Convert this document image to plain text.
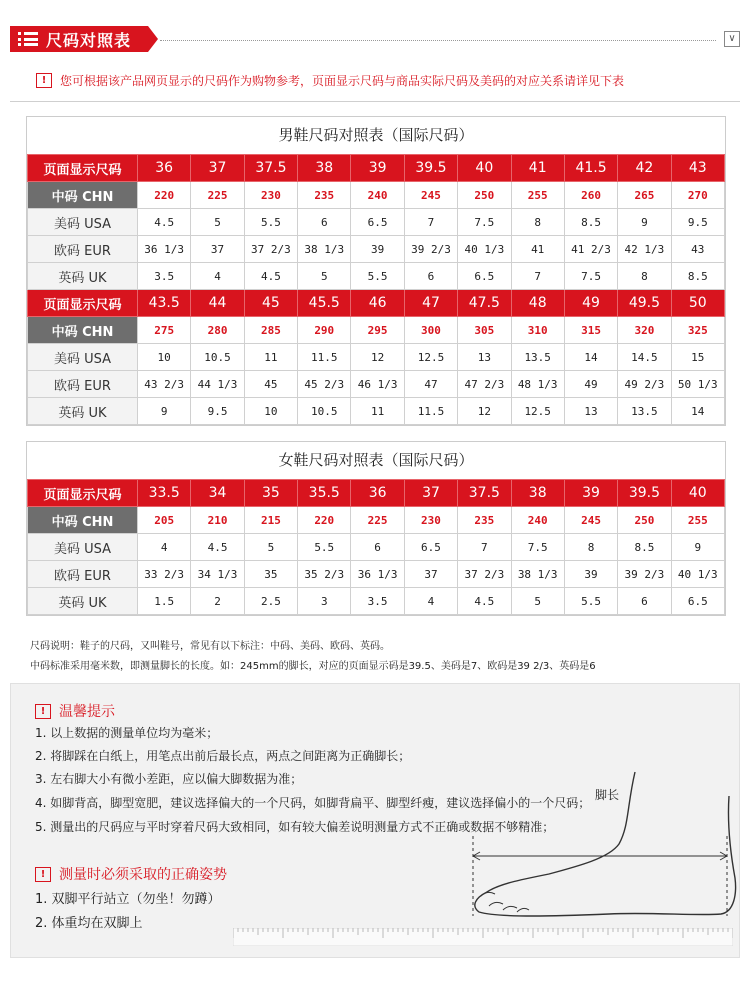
尺码对照表	∨
!	您可根据该产品网页显示的尺码作为购物参考，页面显示尺码与商品实际尺码及美码的对应关系请详见下表
男鞋尺码对照表（国际尺码）
页面显示尺码	36	37	37.5	38	39	39.5	40	41	41.5	42	43
中码 CHN	220	225	230	235	240	245	250	255	260	265	270
美码 USA	4.5	5	5.5	6	6.5	7	7.5	8	8.5	9	9.5
欧码 EUR	36 1/3	37	37 2/3	38 1/3	39	39 2/3	40 1/3	41	41 2/3	42 1/3	43
英码 UK	3.5	4	4.5	5	5.5	6	6.5	7	7.5	8	8.5
页面显示尺码	43.5	44	45	45.5	46	47	47.5	48	49	49.5	50
中码 CHN	275	280	285	290	295	300	305	310	315	320	325
美码 USA	10	10.5	11	11.5	12	12.5	13	13.5	14	14.5	15
欧码 EUR	43 2/3	44 1/3	45	45 2/3	46 1/3	47	47 2/3	48 1/3	49	49 2/3	50 1/3
英码 UK	9	9.5	10	10.5	11	11.5	12	12.5	13	13.5	14
女鞋尺码对照表（国际尺码）
页面显示尺码	33.5	34	35	35.5	36	37	37.5	38	39	39.5	40
中码 CHN	205	210	215	220	225	230	235	240	245	250	255
美码 USA	4	4.5	5	5.5	6	6.5	7	7.5	8	8.5	9
欧码 EUR	33 2/3	34 1/3	35	35 2/3	36 1/3	37	37 2/3	38 1/3	39	39 2/3	40 1/3
英码 UK	1.5	2	2.5	3	3.5	4	4.5	5	5.5	6	6.5
尺码说明：鞋子的尺码，又叫鞋号，常见有以下标注：中码、美码、欧码、英码。
中码标准采用毫米数，即测量脚长的长度。如：245mm的脚长，对应的页面显示码是39.5、美码是7、欧码是39 2/3、英码是6
! 温馨提示
1. 以上数据的测量单位均为毫米；
2. 将脚踩在白纸上，用笔点出前后最长点，两点之间距离为正确脚长；
3. 左右脚大小有微小差距，应以偏大脚数据为准；
4. 如脚背高，脚型宽肥，建议选择偏大的一个尺码，如脚背扁平、脚型纤瘦，建议选择偏小的一个尺码；
5. 测量出的尺码应与平时穿着尺码大致相同，如有较大偏差说明测量方式不正确或数据不够精准；
! 测量时必须采取的正确姿势
1. 双脚平行站立（勿坐！勿蹲）
2. 体重均在双脚上
脚长
